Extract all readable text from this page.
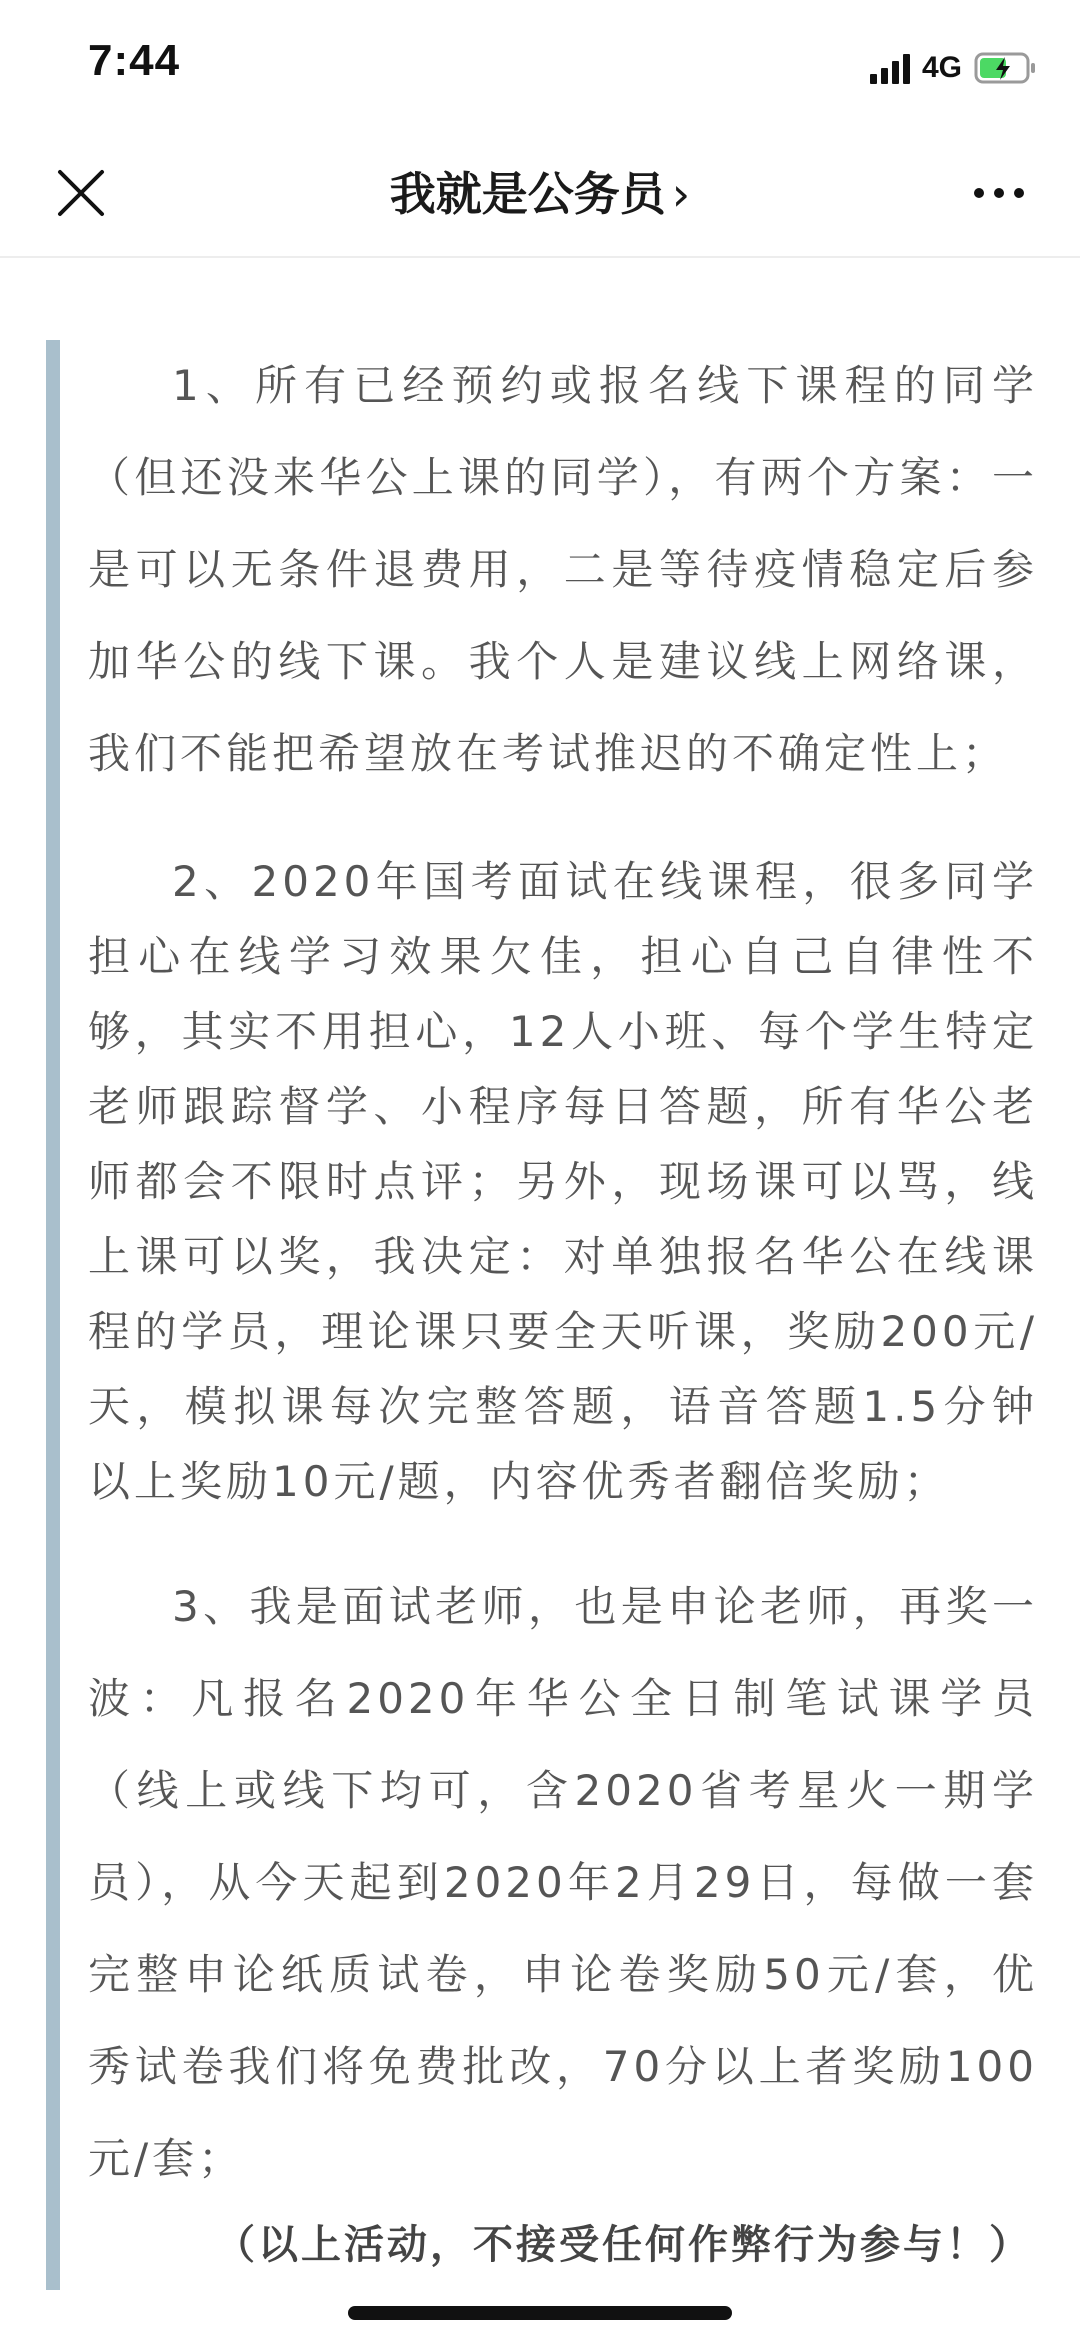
7:44	4G
我就是公务员 ›

1、所有已经预约或报名线下课程的同学（但还没来华公上课的同学），有两个方案：一是可以无条件退费用，二是等待疫情稳定后参加华公的线下课。我个人是建议线上网络课，我们不能把希望放在考试推迟的不确定性上；

2、2020年国考面试在线课程，很多同学担心在线学习效果欠佳，担心自己自律性不够，其实不用担心，12人小班、每个学生特定老师跟踪督学、小程序每日答题，所有华公老师都会不限时点评；另外，现场课可以骂，线上课可以奖，我决定：对单独报名华公在线课程的学员，理论课只要全天听课，奖励200元/天，模拟课每次完整答题，语音答题1.5分钟以上奖励10元/题，内容优秀者翻倍奖励；

3、我是面试老师，也是申论老师，再奖一波：凡报名2020年华公全日制笔试课学员（线上或线下均可，含2020省考星火一期学员），从今天起到2020年2月29日，每做一套完整申论纸质试卷，申论卷奖励50元/套，优秀试卷我们将免费批改，70分以上者奖励100元/套；

（以上活动，不接受任何作弊行为参与！）
